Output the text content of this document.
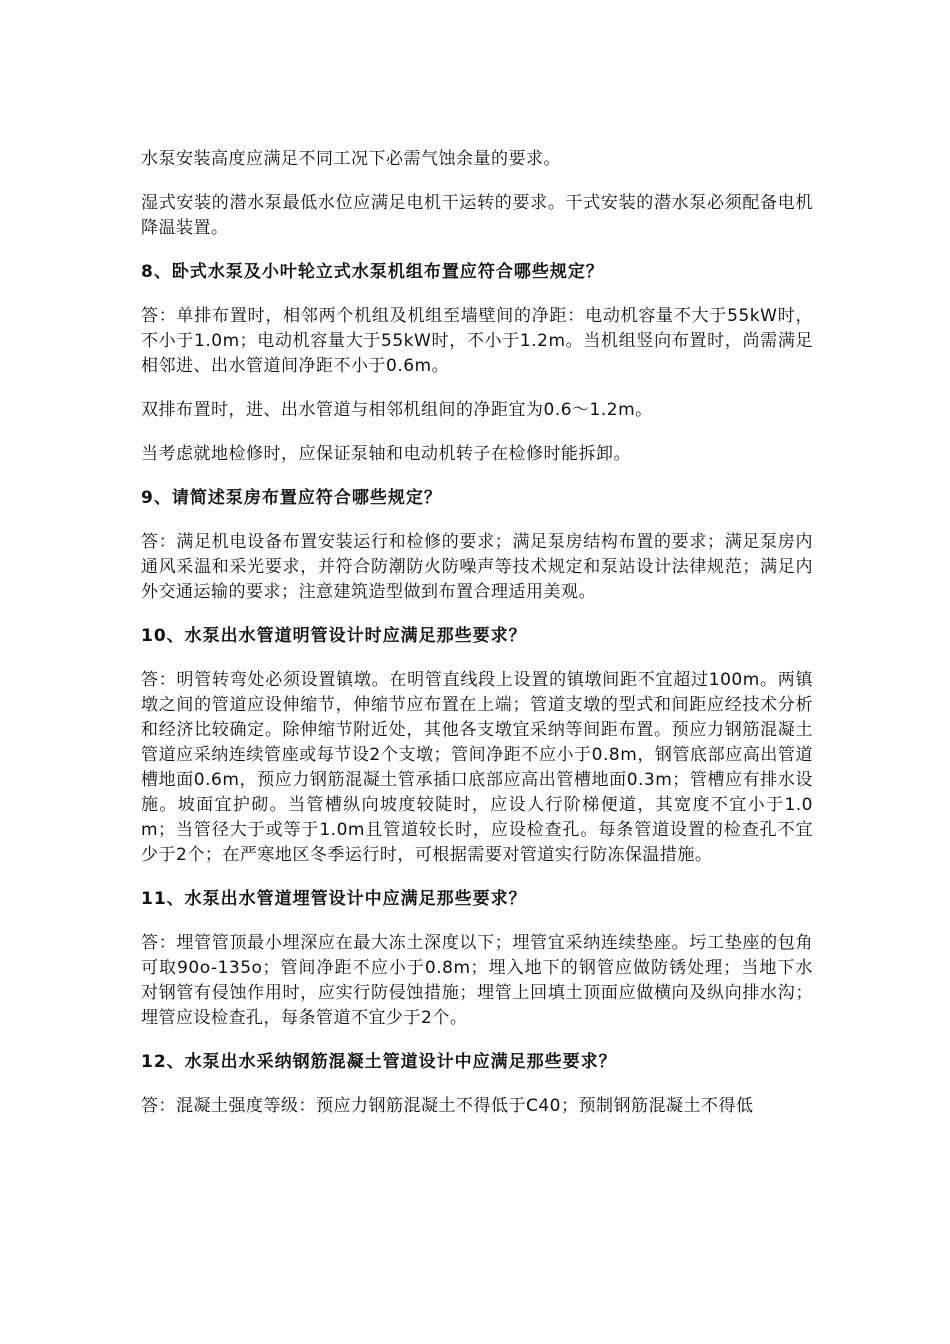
水泵安装高度应满足不同工况下必需气蚀余量的要求。

湿式安装的潜水泵最低水位应满足电机干运转的要求。干式安装的潜水泵必须配备电机降温装置。

8、卧式水泵及小叶轮立式水泵机组布置应符合哪些规定？

答：单排布置时，相邻两个机组及机组至墙壁间的净距：电动机容量不大于55kW时，不小于1.0m；电动机容量大于55kW时，不小于1.2m。当机组竖向布置时，尚需满足相邻进、出水管道间净距不小于0.6m。

双排布置时，进、出水管道与相邻机组间的净距宜为0.6～1.2m。

当考虑就地检修时，应保证泵轴和电动机转子在检修时能拆卸。

9、请简述泵房布置应符合哪些规定？

答：满足机电设备布置安装运行和检修的要求；满足泵房结构布置的要求；满足泵房内通风采温和采光要求，并符合防潮防火防噪声等技术规定和泵站设计法律规范；满足内外交通运输的要求；注意建筑造型做到布置合理适用美观。

10、水泵出水管道明管设计时应满足那些要求？

答：明管转弯处必须设置镇墩。在明管直线段上设置的镇墩间距不宜超过100m。两镇墩之间的管道应设伸缩节，伸缩节应布置在上端；管道支墩的型式和间距应经技术分析和经济比较确定。除伸缩节附近处，其他各支墩宜采纳等间距布置。预应力钢筋混凝土管道应采纳连续管座或每节设2个支墩；管间净距不应小于0.8m，钢管底部应高出管道槽地面0.6m，预应力钢筋混凝土管承插口底部应高出管槽地面0.3m；管槽应有排水设施。坡面宜护砌。当管槽纵向坡度较陡时，应设人行阶梯便道，其宽度不宜小于1.0m；当管径大于或等于1.0m且管道较长时，应设检查孔。每条管道设置的检查孔不宜少于2个；在严寒地区冬季运行时，可根据需要对管道实行防冻保温措施。

11、水泵出水管道埋管设计中应满足那些要求？

答：埋管管顶最小埋深应在最大冻土深度以下；埋管宜采纳连续垫座。圬工垫座的包角可取90o-135o；管间净距不应小于0.8m；埋入地下的钢管应做防锈处理；当地下水对钢管有侵蚀作用时，应实行防侵蚀措施；埋管上回填土顶面应做横向及纵向排水沟；埋管应设检查孔，每条管道不宜少于2个。

12、水泵出水采纳钢筋混凝土管道设计中应满足那些要求？

答：混凝土强度等级：预应力钢筋混凝土不得低于C40；预制钢筋混凝土不得低
